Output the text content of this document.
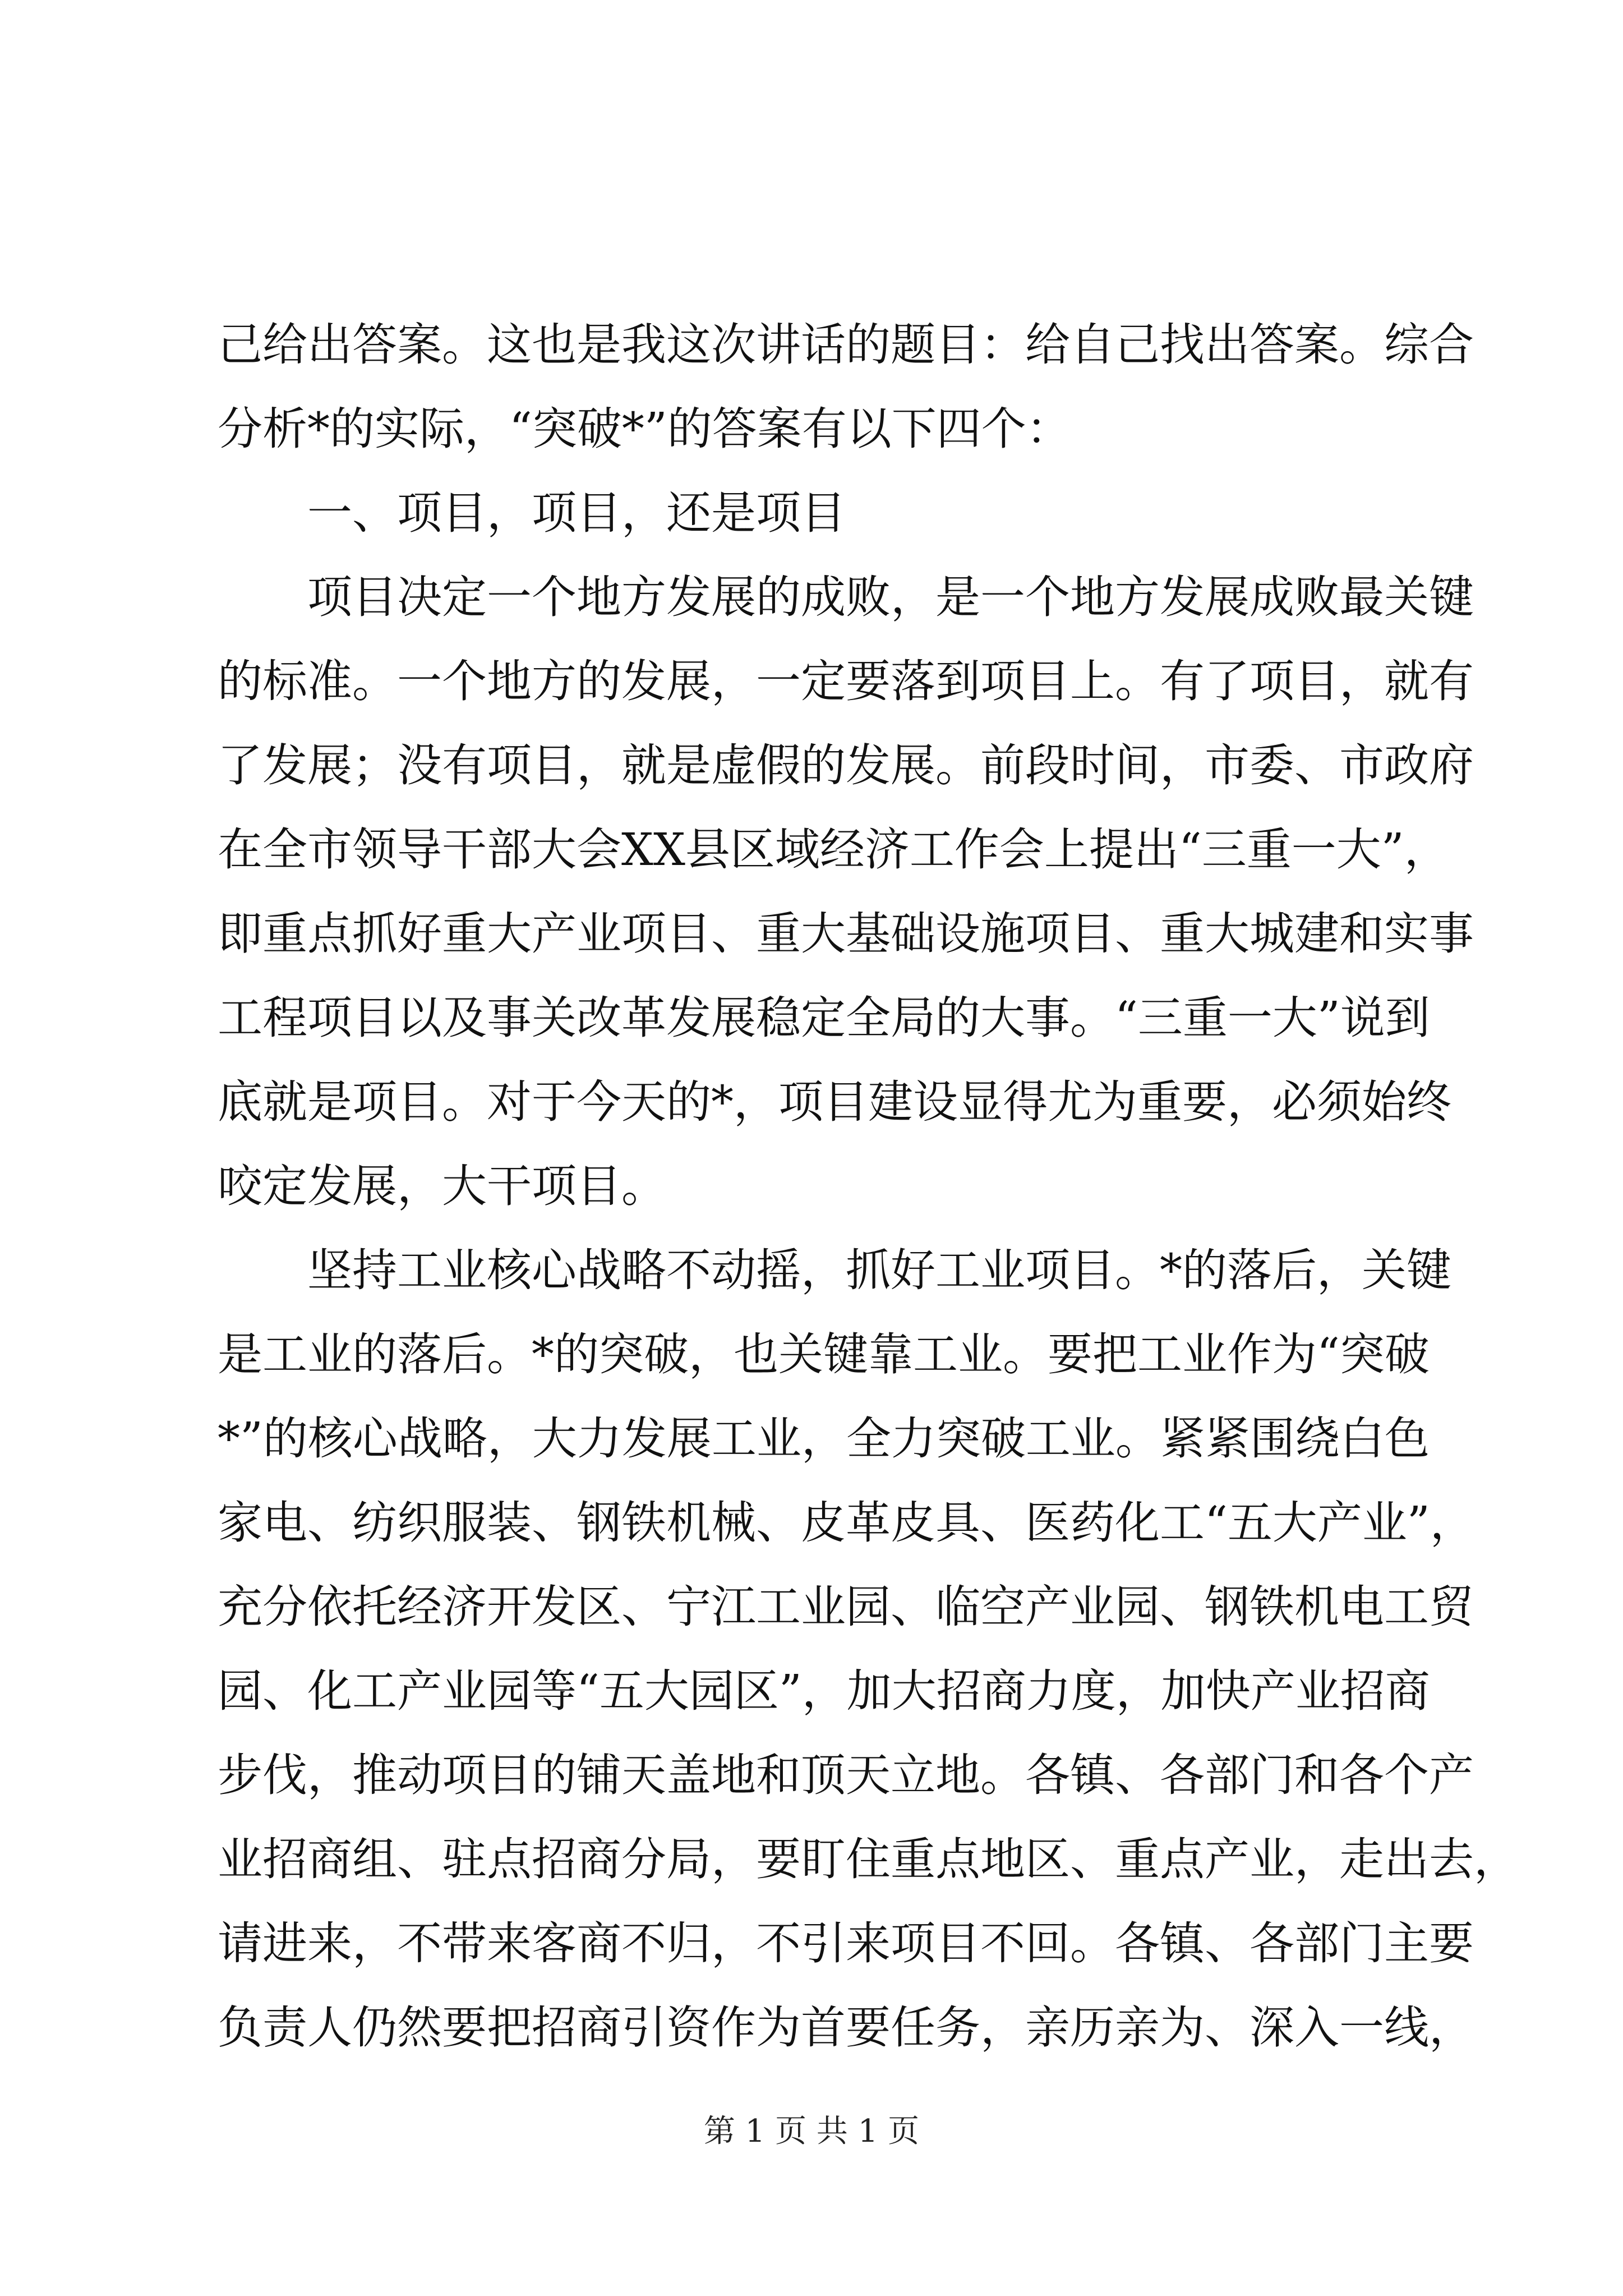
己给出答案。这也是我这次讲话的题目：给自己找出答案。综合
分析*的实际，“突破*”的答案有以下四个：
一、项目，项目，还是项目
项目决定一个地方发展的成败，是一个地方发展成败最关键
的标准。一个地方的发展，一定要落到项目上。有了项目，就有
了发展；没有项目，就是虚假的发展。前段时间，市委、市政府
在全市领导干部大会XX县区域经济工作会上提出“三重一大”，
即重点抓好重大产业项目、重大基础设施项目、重大城建和实事
工程项目以及事关改革发展稳定全局的大事。“三重一大”说到
底就是项目。对于今天的*，项目建设显得尤为重要，必须始终
咬定发展，大干项目。
坚持工业核心战略不动摇，抓好工业项目。*的落后，关键
是工业的落后。*的突破，也关键靠工业。要把工业作为“突破
*”的核心战略，大力发展工业，全力突破工业。紧紧围绕白色
家电、纺织服装、钢铁机械、皮革皮具、医药化工“五大产业”，
充分依托经济开发区、宁江工业园、临空产业园、钢铁机电工贸
园、化工产业园等“五大园区”，加大招商力度，加快产业招商
步伐，推动项目的铺天盖地和顶天立地。各镇、各部门和各个产
业招商组、驻点招商分局，要盯住重点地区、重点产业，走出去，
请进来，不带来客商不归，不引来项目不回。各镇、各部门主要
负责人仍然要把招商引资作为首要任务，亲历亲为、深入一线，
第 1 页 共 1 页
